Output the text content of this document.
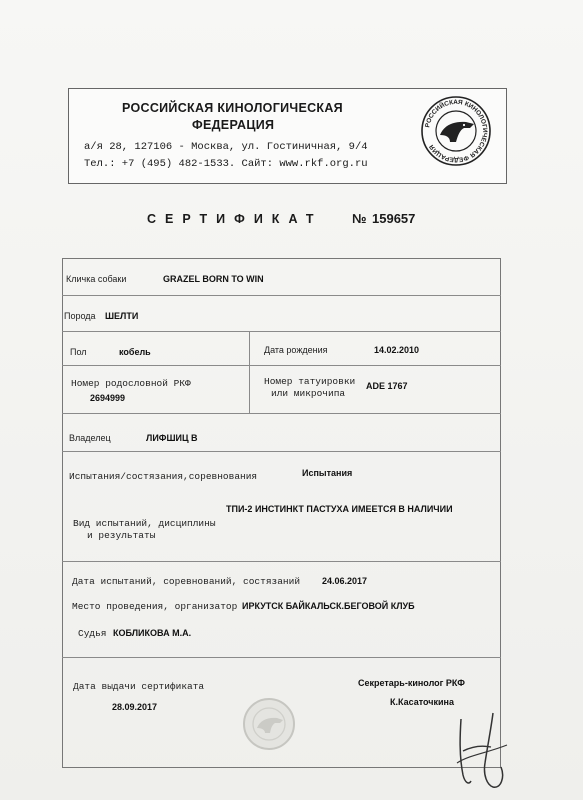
РОССИЙСКАЯ КИНОЛОГИЧЕСКАЯ
ФЕДЕРАЦИЯ
а/я 28, 127106 - Москва, ул. Гостиничная, 9/4
Тел.: +7 (495) 482-1533. Сайт: www.rkf.org.ru
РОССИЙСКАЯ КИНОЛОГИЧЕСКАЯ ФЕДЕРАЦИЯ
СЕРТИФИКАТ № 159657
Кличка собаки	GRAZEL BORN TO WIN
Порода ШЕЛТИ
Пол	кобель	Дата рождения	14.02.2010
Номер родословной РКФ
2694999
Номер татуировки
или микрочипа
ADE 1767
Владелец	ЛИФШИЦ В
Испытания/состязания,соревнования	Испытания
ТПИ-2 ИНСТИНКТ ПАСТУХА ИМЕЕТСЯ В НАЛИЧИИ
Вид испытаний, дисциплины
и результаты
Дата испытаний, соревнований, состязаний 24.06.2017
Место проведения, организатор ИРКУТСК БАЙКАЛЬСК.БЕГОВОЙ КЛУБ
Судья КОБЛИКОВА М.А.
Дата выдачи сертификата
28.09.2017
Секретарь-кинолог РКФ
К.Касаточкина
